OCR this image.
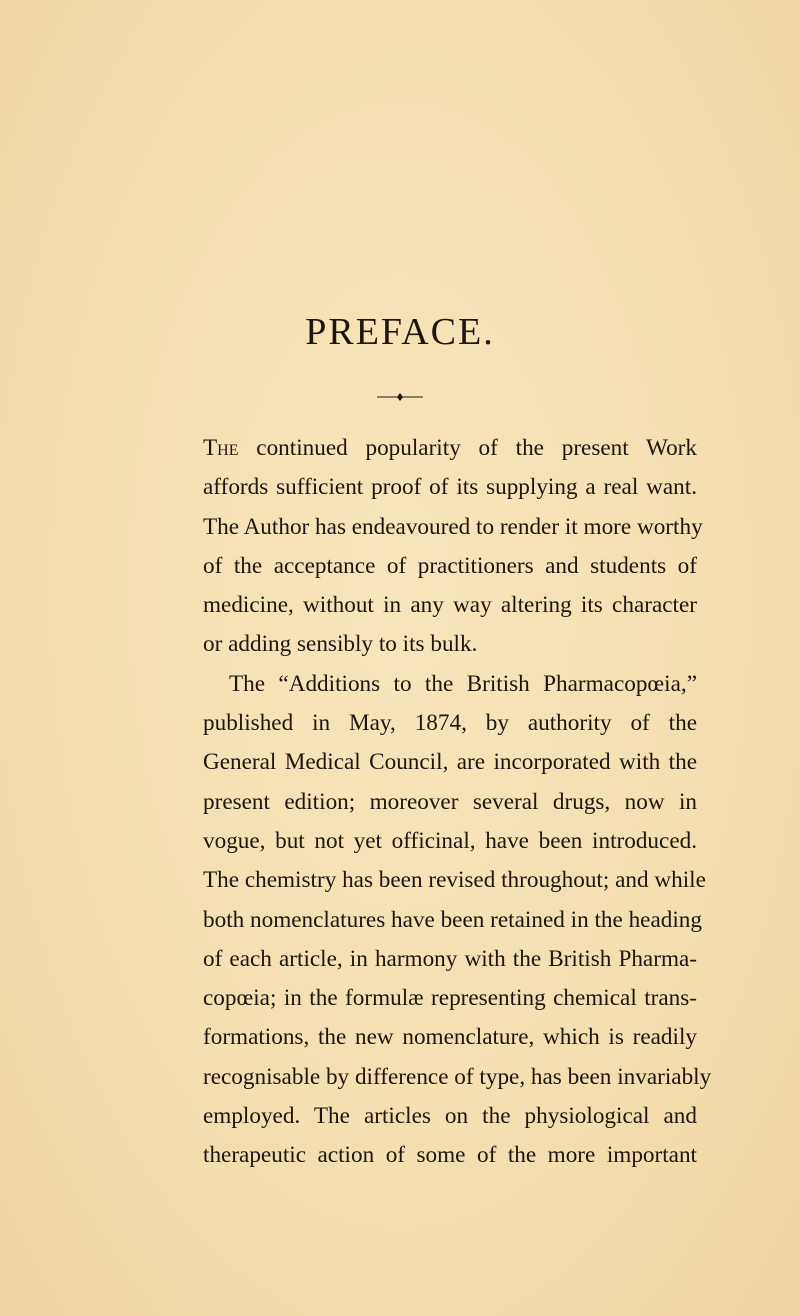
PREFACE.
The continued popularity of the present Work
affords sufficient proof of its supplying a real want.
The Author has endeavoured to render it more worthy
of the acceptance of practitioners and students of
medicine, without in any way altering its character
or adding sensibly to its bulk.
The “Additions to the British Pharmacopœia,”
published in May, 1874, by authority of the
General Medical Council, are incorporated with the
present edition; moreover several drugs, now in
vogue, but not yet officinal, have been introduced.
The chemistry has been revised throughout; and while
both nomenclatures have been retained in the heading
of each article, in harmony with the British Pharma-
copœia; in the formulæ representing chemical trans-
formations, the new nomenclature, which is readily
recognisable by difference of type, has been invariably
employed. The articles on the physiological and
therapeutic action of some of the more important
